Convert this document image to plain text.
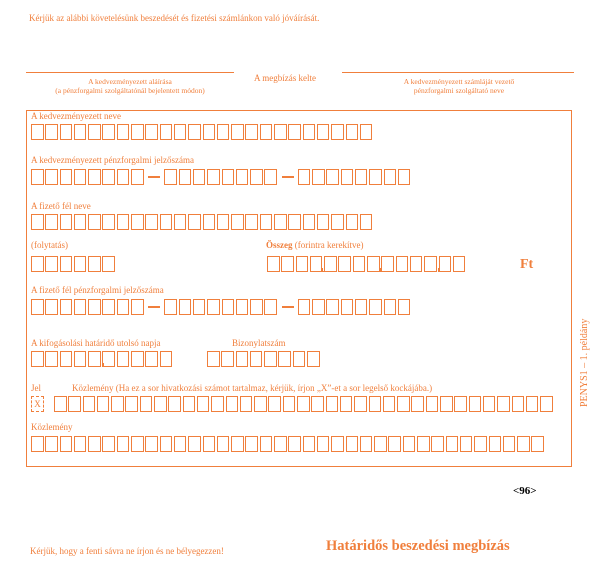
Kérjük az alábbi követelésünk beszedését és fizetési számlánkon való jóváírását.
A kedvezményezett aláírása
(a pénzforgalmi szolgáltatónál bejelentett módon)
A megbízás kelte	A kedvezményezett számláját vezető
pénzforgalmi szolgáltató neve
A kedvezményezett neve
A kedvezményezett pénzforgalmi jelzőszáma
A fizető fél neve
(folytatás)	Összeg (forintra kerekítve)
Ft
A fizető fél pénzforgalmi jelzőszáma
A kifogásolási határidő utolsó napja	Bizonylatszám
Jel	Közlemény (Ha ez a sor hivatkozási számot tartalmaz, kérjük, írjon „X”-et a sor legelső kockájába.)
X
Közlemény
PENYS1 – 1. példány
<96>
Kérjük, hogy a fenti sávra ne írjon és ne bélyegezzen!	Határidős beszedési megbízás
